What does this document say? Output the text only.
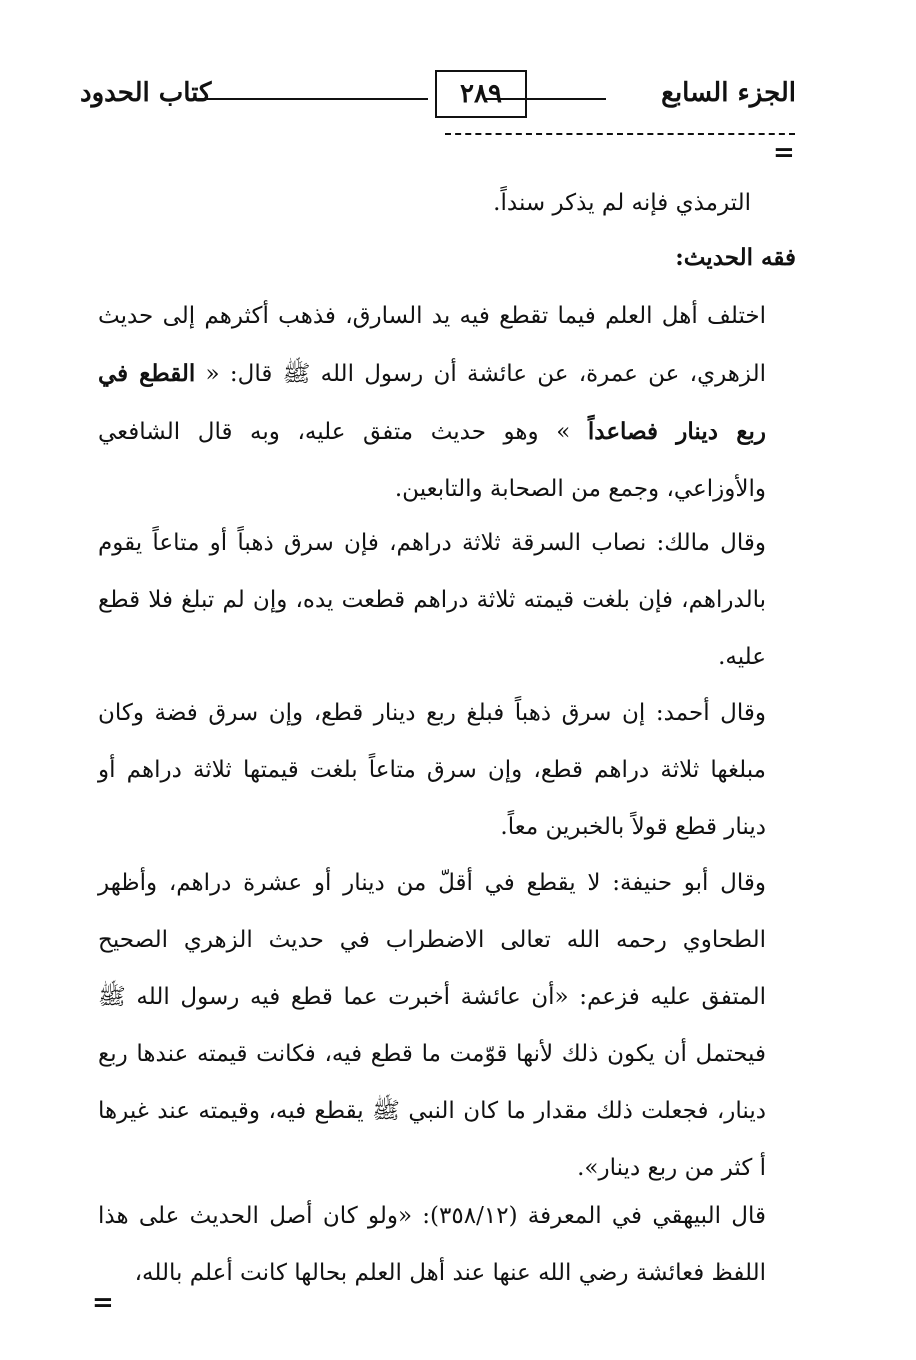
الجزء السابع
٢٨٩
كتاب الحدود
=
الترمذي فإنه لم يذكر سنداً.
فقه الحديث:
اختلف أهل العلم فيما تقطع فيه يد السارق، فذهب أكثرهم إلى حديث الزهري، عن عمرة، عن عائشة أن رسول الله ﷺ قال: « القطع في ربع دينار فصاعداً » وهو حديث متفق عليه، وبه قال الشافعي والأوزاعي، وجمع من الصحابة والتابعين.
وقال مالك: نصاب السرقة ثلاثة دراهم، فإن سرق ذهباً أو متاعاً يقوم بالدراهم، فإن بلغت قيمته ثلاثة دراهم قطعت يده، وإن لم تبلغ فلا قطع عليه.
وقال أحمد: إن سرق ذهباً فبلغ ربع دينار قطع، وإن سرق فضة وكان مبلغها ثلاثة دراهم قطع، وإن سرق متاعاً بلغت قيمتها ثلاثة دراهم أو دينار قطع قولاً بالخبرين معاً.
وقال أبو حنيفة: لا يقطع في أقلّ من دينار أو عشرة دراهم، وأظهر الطحاوي رحمه الله تعالى الاضطراب في حديث الزهري الصحيح المتفق عليه فزعم: «أن عائشة أخبرت عما قطع فيه رسول الله ﷺ فيحتمل أن يكون ذلك لأنها قوّمت ما قطع فيه، فكانت قيمته عندها ربع دينار، فجعلت ذلك مقدار ما كان النبي ﷺ يقطع فيه، وقيمته عند غيرها أ كثر من ربع دينار».
قال البيهقي في المعرفة (٣٥٨/١٢): «ولو كان أصل الحديث على هذا اللفظ فعائشة رضي الله عنها عند أهل العلم بحالها كانت أعلم بالله،
=
